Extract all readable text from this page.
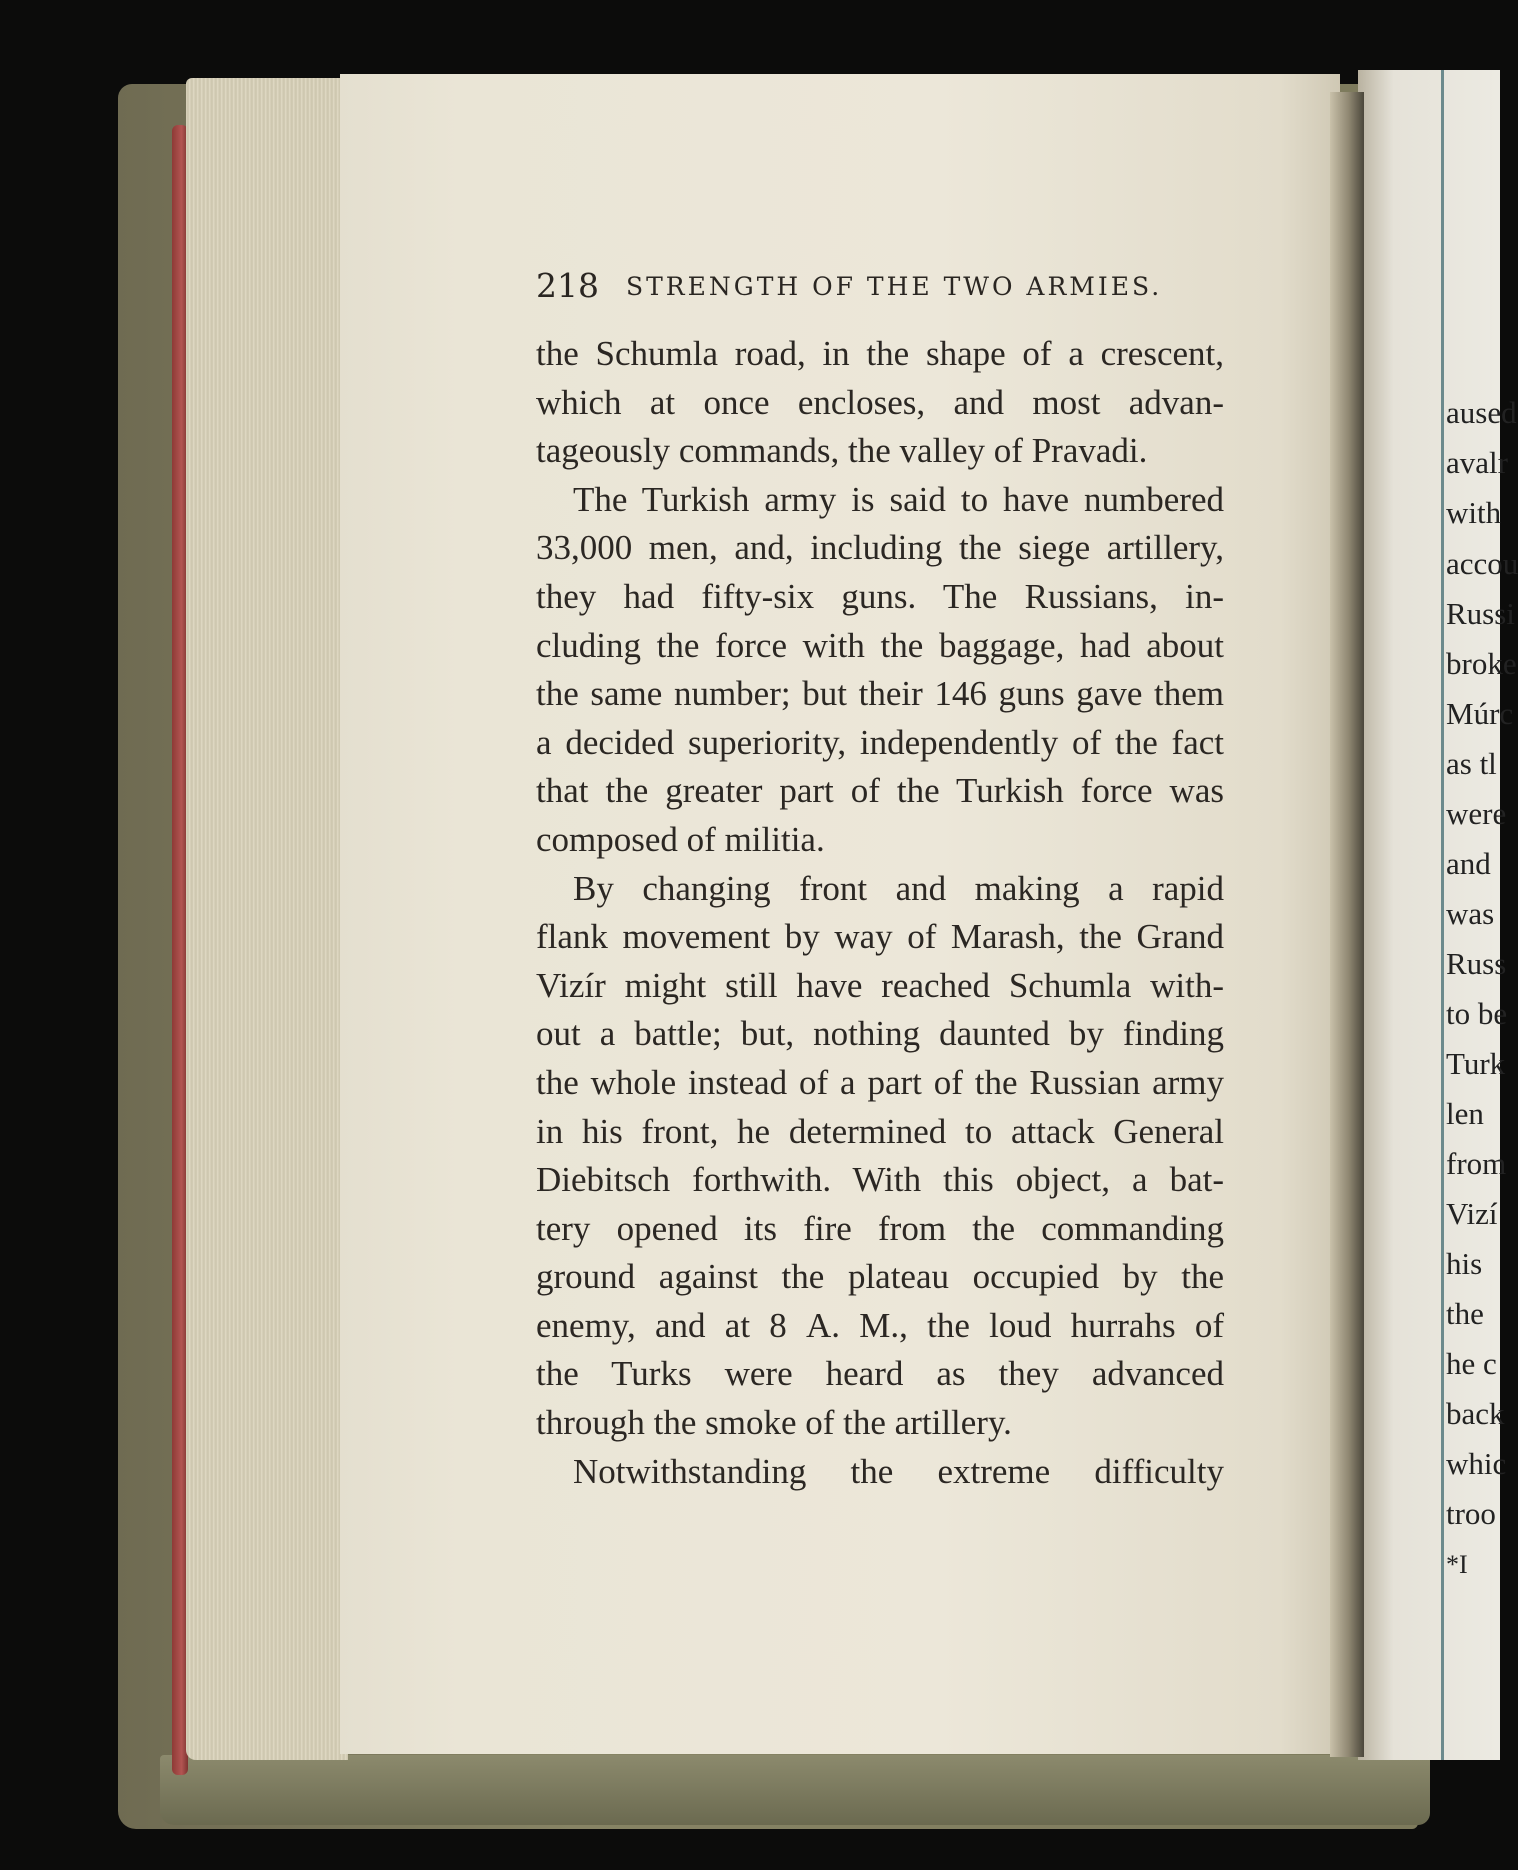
aused
avalr
with
accou
Russi
broke
Múrc
as tl
were
and
was
Russ
to be
Turk
len
from
Vizí
his
the
he c
back
whic
troo
*I
218 STRENGTH OF THE TWO ARMIES.
the Schumla road, in the shape of a crescent,
which at once encloses, and most advan-
tageously commands, the valley of Pravadi.
The Turkish army is said to have numbered
33,000 men, and, including the siege artillery,
they had fifty-six guns. The Russians, in-
cluding the force with the baggage, had about
the same number; but their 146 guns gave them
a decided superiority, independently of the fact
that the greater part of the Turkish force was
composed of militia.
By changing front and making a rapid
flank movement by way of Marash, the Grand
Vizír might still have reached Schumla with-
out a battle; but, nothing daunted by finding
the whole instead of a part of the Russian army
in his front, he determined to attack General
Diebitsch forthwith. With this object, a bat-
tery opened its fire from the commanding
ground against the plateau occupied by the
enemy, and at 8 A. M., the loud hurrahs of
the Turks were heard as they advanced
through the smoke of the artillery.
Notwithstanding the extreme difficulty
